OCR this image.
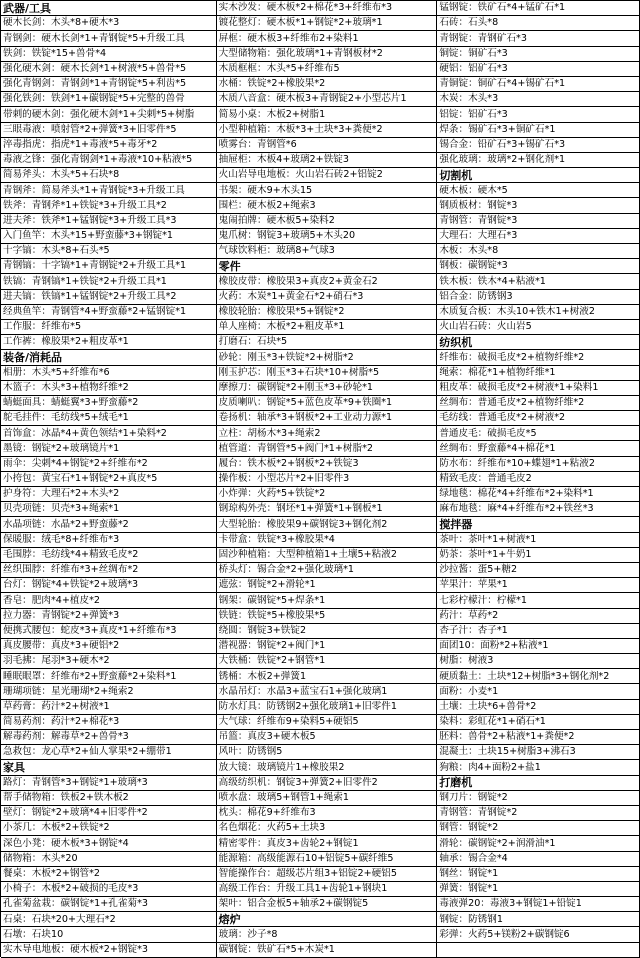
武器/工具
硬木长剑：木头*8+硬木*3
青钢剑：硬木长剑*1+青钢锭*5+升级工具
铁剑：铁锭*15+兽骨*4
强化硬木剑：硬木长剑*1+树液*5+兽骨*5
强化青钢剑：青钢剑*1+青钢锭*5+利齿*5
强化铁剑：铁剑*1+碳钢锭*5+完整的兽骨
带刺的硬木剑：强化硬木剑*1+尖刺*5+树脂
三眼毒液：喷射管*2+弹簧*3+旧零件*5
淬毒指虎：指虎*1+毒液*5+毒牙*2
毒液之锋：强化青钢剑*1+毒液*10+粘液*5
简易斧头：木头*5+石块*8
青钢斧：简易斧头*1+青钢锭*3+升级工具
铁斧：青钢斧*1+铁锭*3+升级工具*2
进夫斧：铁斧*1+锰钢锭*3+升级工具*3
入门鱼竿：木头*15+野蛮藤*3+钢锭*1
十字镐：木头*8+石头*5
青钢镐：十字镐*1+青钢锭*2+升级工具*1
铁镐：青钢镐*1+铁锭*2+升级工具*1
进夫镐：铁镐*1+锰钢锭*2+升级工具*2
经典鱼竿：青钢管*4+野蛮藤*2+锰钢锭*1
工作服：纤维布*5
工作裤：橡胶果*2+粗皮革*1
装备/消耗品
相册：木头*5+纤维布*6
木篮子：木头*3+植物纤维*2
蜻蜓面具：蜻蜓翼*3+野蛮藤*2
鸵毛挂件：毛纺线*5+绒毛*1
首饰盒：冰晶*4+黄色领结*1+染料*2
墨镜：钢锭*2+玻璃镜片*1
雨伞：尖刺*4+钢锭*2+纤维布*2
小挎包：黄宝石*1+钢锭*2+真皮*5
护身符：大理石*2+木头*2
贝壳项链：贝壳*3+绳索*1
水晶项链：水晶*2+野蛮藤*2
保暖服：绒毛*8+纤维布*3
毛围脖：毛纺线*4+精致毛皮*2
丝织围脖：纤维布*3+丝绸布*2
台灯：钢锭*4+铁锭*2+玻璃*3
香皂：肥肉*4+植皮*2
拉力器：青钢锭*2+弹簧*3
便携式腰包：蛇皮*3+真皮*1+纤维布*3
真皮腰带：真皮*3+硬铝*2
羽毛拂：尾羽*3+硬木*2
睡眠眼罩：纤维布*2+野蛮藤*2+染料*1
珊瑚项链：星光珊瑚*2+绳索2
草药膏：药汁*2+树液*1
简易药剂：药汁*2+棉花*3
解毒药剂：解毒草*2+兽骨*3
急救包：龙心草*2+仙人掌果*2+绷带1
家具
路灯：青钢管*3+钢锭*1+玻璃*3
帮手储物箱：铁板2+铁木板2
壁灯：钢锭*2+玻璃*4+旧零件*2
小茶几：木板*2+铁锭*2
深色小凳：硬木板*3+钢锭*4
储物箱：木头*20
餐桌：木板*2+钢管*2
小椅子：木板*2+破损的毛皮*3
孔雀菊盆栽：碳钢锭*1+孔雀菊*3
石桌：石块*20+大理石*2
石墩：石块10
实木导电地板：硬木板*2+钢锭*3
实木沙发：硬木板*2+棉花*3+纤维布*3
镀花整灯：硬木板*1+钢锭*2+玻璃*1
屏框：硬木板3+纤维布2+染料1
大型储物箱：强化玻璃*1+青钢板材*2
木质框框：木头*5+纤维布5
水桶：铁锭*2+橡胶果*2
木质八音盒：硬木板3+青钢锭2+小型芯片1
简易小桌：木板2+树脂1
小型种植箱：木板*3+土块*3+粪便*2
喷雾台：青钢管*6
抽屉柜：木板4+玻璃2+铁锭3
火山岩导电地板：火山岩石砖2+铝锭2
书架：硬木9+木头15
围栏：硬木板2+绳索3
鬼闹拍牌：硬木板5+染料2
鬼爪树：钢锭3+玻璃5+木头20
气球饮料柜：玻璃8+气球3
零件
橡胶皮带：橡胶果3+真皮2+黄金石2
火药：木炭*1+黄金石*2+硝石*3
橡胶轮胎：橡胶果*5+钢锭*2
单人座椅：木板*2+粗皮革*1
打磨石：石块*5
砂轮：刚玉*3+铁锭*2+树脂*2
刚玉护芯：刚玉*3+石块*10+树脂*5
摩擦刀：碳钢锭*2+刚玉*3+砂轮*1
皮质喇叭：钢锭*5+蓝色皮革*9+铁圈*1
卷扬机：轴承*3+钢板*2+工业动力源*1
立柱：胡杨木*3+绳索2
植管道：青钢管*5+阀门*1+树脂*2
履台：铁木板*2+钢板*2+铁锭3
操作板：小型芯片*2+旧零件3
小炸弹：火药*5+铁锭*2
钢琼构外壳：钢坯*1+弹簧*1+钢板*1
大型轮胎：橡胶果9+碳钢锭3+钢化剂2
卡带盒：铁锭*3+橡胶果*4
固沙种植箱：大型种植箱1+土壤5+粘液2
桥头灯：锡合金*2+强化玻璃*1
遮弦：钢锭*2+滑轮*1
钢架：碳钢锭*5+焊条*1
铁链：铁锭*5+橡胶果*5
绕圆：钢锭3+铁锭2
潜视器：钢锭*2+阀门*1
大铁桶：铁锭*2+钢管*1
锈桶：木板2+弹簧1
水晶吊灯：水晶3+蓝宝石1+强化玻璃1
防水灯具：防锈钢2+强化玻璃1+旧零件1
大气球：纤维布9+染料5+硬铝5
吊篮：真皮3+硬木板5
风叶：防锈钢5
放大镜：玻璃镜片1+橡胶果2
高级纺织机：钢锭3+弹簧2+旧零件2
喷水盘：玻璃5+钢管1+绳索1
枕头：棉花9+纤维布3
名色烟花：火药5+土块3
精密零件：真皮3+齿轮2+钢锭1
能源箱：高级能源石10+铝锭5+碳纤维5
智能操作台：超级芯片组3+铝锭2+硬铝5
高级工作台：升级工具1+齿轮1+钢块1
架叶：铝合金板5+轴承2+碳钢锭5
熔炉
玻璃：沙子*8
碳钢锭：铁矿石*5+木炭*1
锰钢锭：铁矿石*4+锰矿石*1
石砖：石头*8
青钢锭：青钢矿石*3
铜锭：铜矿石*3
硬铝：铝矿石*3
青铜锭：铜矿石*4+锡矿石*1
木炭：木头*3
铝锭：铝矿石*3
焊条：锡矿石*3+铜矿石*1
锡合金：铅矿石*3+锡矿石*3
强化玻璃：玻璃*2+钢化剂*1
切割机
硬木板：硬木*5
钢质板材：钢锭*3
青钢管：青钢锭*3
大理石：大理石*3
木板：木头*8
钢板：碳钢锭*3
铁木板：铁木*4+粘液*1
铝合金：防锈钢3
木质复合板：木头10+铁木1+树液2
火山岩石砖：火山岩5
纺织机
纤维布：破损毛皮*2+植物纤维*2
绳索：棉花*1+植物纤维*1
粗皮革：破损毛皮*2+树液*1+染料1
丝绸布：普通毛皮*2+植物纤维*2
毛纺线：普通毛皮*2+树液*2
普通皮毛：破损毛皮*5
丝绸布：野蛮藤*4+棉花*1
防水布：纤维布*10+蝶翅*1+粘液2
精致毛皮：普通毛皮2
绿地毯：棉花*4+纤维布*2+染料*1
麻布地毯：麻*4+纤维布*2+铁丝*3
搅拌器
茶叶：茶叶*1+树液*1
奶茶：茶叶*1+牛奶1
沙拉酱：蛋5+糖2
苹果汁：苹果*1
七彩柠檬汁：柠檬*1
药汁：草药*2
杏子汁：杏子*1
面团10：面粉*2+粘液*1
树脂：树液3
硬质黏土：土块*12+树脂*3+钢化剂*2
面粉：小麦*1
土壤：土块*6+兽骨*2
染料：彩虹花*1+硝石*1
胚料：兽骨*2+粘液*1+粪便*2
混凝土：土块15+树脂3+沸石3
狗粮：肉4+面粉2+盐1
打磨机
钢刀片：钢锭*2
青钢管：青钢锭*2
钢管：钢锭*2
滑轮：碳钢锭*2+润滑油*1
轴承：锡合金*4
钢丝：钢锭*1
弹簧：钢锭*1
毒液弹20：毒液3+钢锭1+铅锭1
钢锭：防锈钢1
彩弹：火药5+镁粉2+碳钢锭6
